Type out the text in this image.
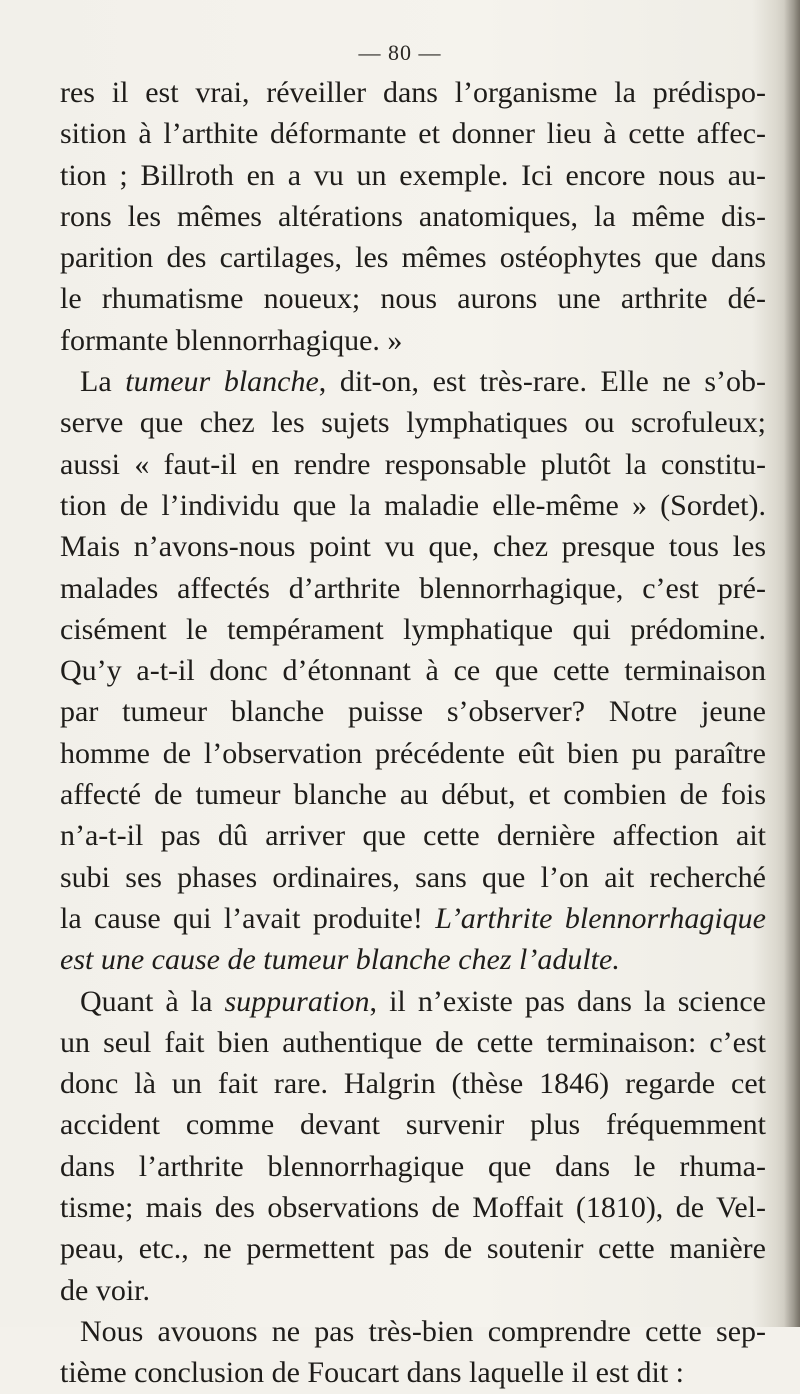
— 80 —
res il est vrai, réveiller dans l’organisme la prédispo-
sition à l’arthite déformante et donner lieu à cette affec-
tion ; Billroth en a vu un exemple. Ici encore nous au-
rons les mêmes altérations anatomiques, la même dis-
parition des cartilages, les mêmes ostéophytes que dans
le rhumatisme noueux; nous aurons une arthrite dé-
formante blennorrhagique. »
La tumeur blanche, dit-on, est très-rare. Elle ne s’ob-
serve que chez les sujets lymphatiques ou scrofuleux;
aussi « faut-il en rendre responsable plutôt la constitu-
tion de l’individu que la maladie elle-même » (Sordet).
Mais n’avons-nous point vu que, chez presque tous les
malades affectés d’arthrite blennorrhagique, c’est pré-
cisément le tempérament lymphatique qui prédomine.
Qu’y a-t-il donc d’étonnant à ce que cette terminaison
par tumeur blanche puisse s’observer? Notre jeune
homme de l’observation précédente eût bien pu paraître
affecté de tumeur blanche au début, et combien de fois
n’a-t-il pas dû arriver que cette dernière affection ait
subi ses phases ordinaires, sans que l’on ait recherché
la cause qui l’avait produite! L’arthrite blennorrhagique
est une cause de tumeur blanche chez l’adulte.
Quant à la suppuration, il n’existe pas dans la science
un seul fait bien authentique de cette terminaison: c’est
donc là un fait rare. Halgrin (thèse 1846) regarde cet
accident comme devant survenir plus fréquemment
dans l’arthrite blennorrhagique que dans le rhuma-
tisme; mais des observations de Moffait (1810), de Vel-
peau, etc., ne permettent pas de soutenir cette manière
de voir.
Nous avouons ne pas très-bien comprendre cette sep-
tième conclusion de Foucart dans laquelle il est dit :
